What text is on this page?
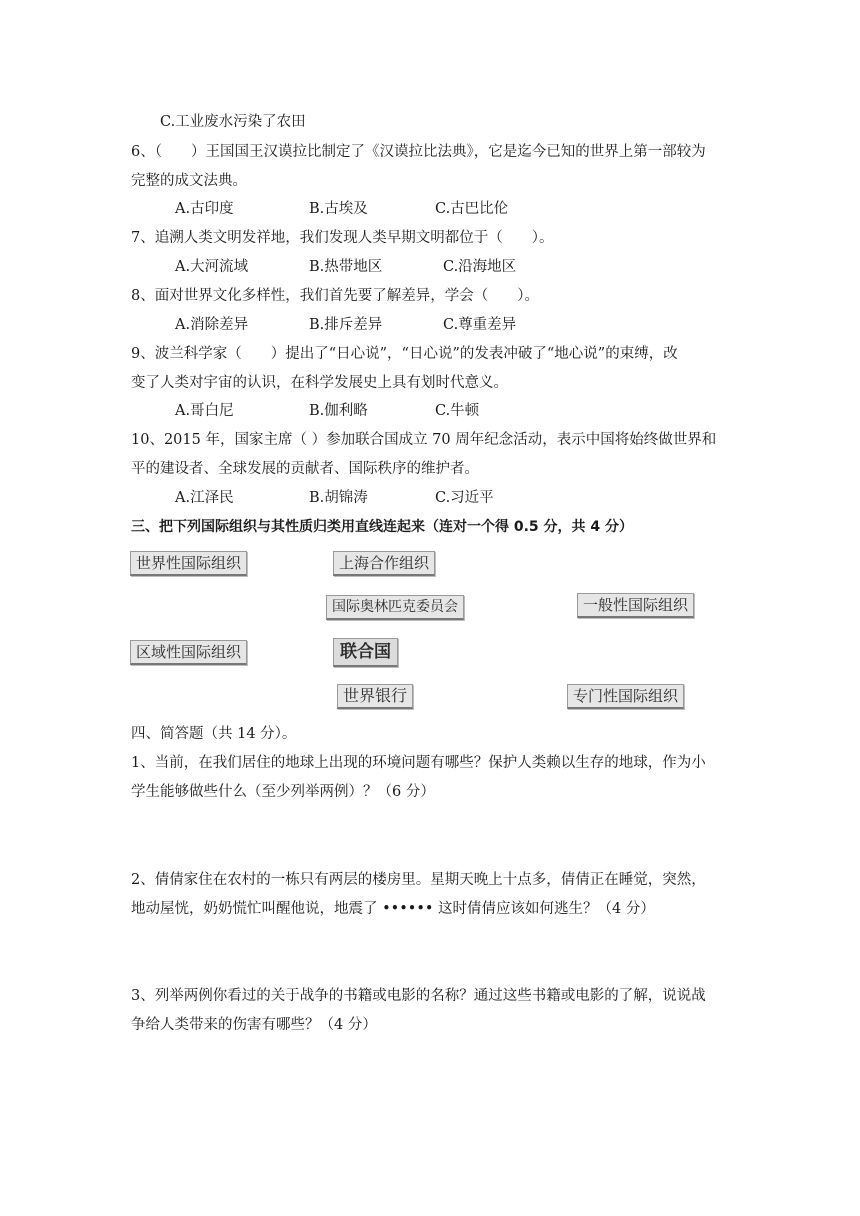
C.工业废水污染了农田
6、（　　）王国国王汉谟拉比制定了《汉谟拉比法典》，它是迄今已知的世界上第一部较为
完整的成文法典。
A.古印度	B.古埃及	C.古巴比伦
7、追溯人类文明发祥地，我们发现人类早期文明都位于（　　）。
A.大河流域	B.热带地区	C.沿海地区
8、面对世界文化多样性，我们首先要了解差异，学会（　　）。
A.消除差异	B.排斥差异	C.尊重差异
9、波兰科学家（　　）提出了“日心说”，“日心说”的发表冲破了“地心说”的束缚，改
变了人类对宇宙的认识，在科学发展史上具有划时代意义。
A.哥白尼	B.伽利略	C.牛顿
10、2015 年，国家主席（ ）参加联合国成立 70 周年纪念活动，表示中国将始终做世界和
平的建设者、全球发展的贡献者、国际秩序的维护者。
A.江泽民	B.胡锦涛	C.习近平
三、把下列国际组织与其性质归类用直线连起来（连对一个得 0.5 分，共 4 分）
世界性国际组织	上海合作组织
国际奥林匹克委员会	一般性国际组织
区域性国际组织	联合国
世界银行	专门性国际组织
四、简答题（共 14 分）。
1、当前，在我们居住的地球上出现的环境问题有哪些？保护人类赖以生存的地球，作为小
学生能够做些什么（至少列举两例）？（6 分）
2、倩倩家住在农村的一栋只有两层的楼房里。星期天晚上十点多，倩倩正在睡觉，突然，
地动屋恍，奶奶慌忙叫醒他说，地震了 •••••• 这时倩倩应该如何逃生？（4 分）
3、列举两例你看过的关于战争的书籍或电影的名称？通过这些书籍或电影的了解，说说战
争给人类带来的伤害有哪些？（4 分）
